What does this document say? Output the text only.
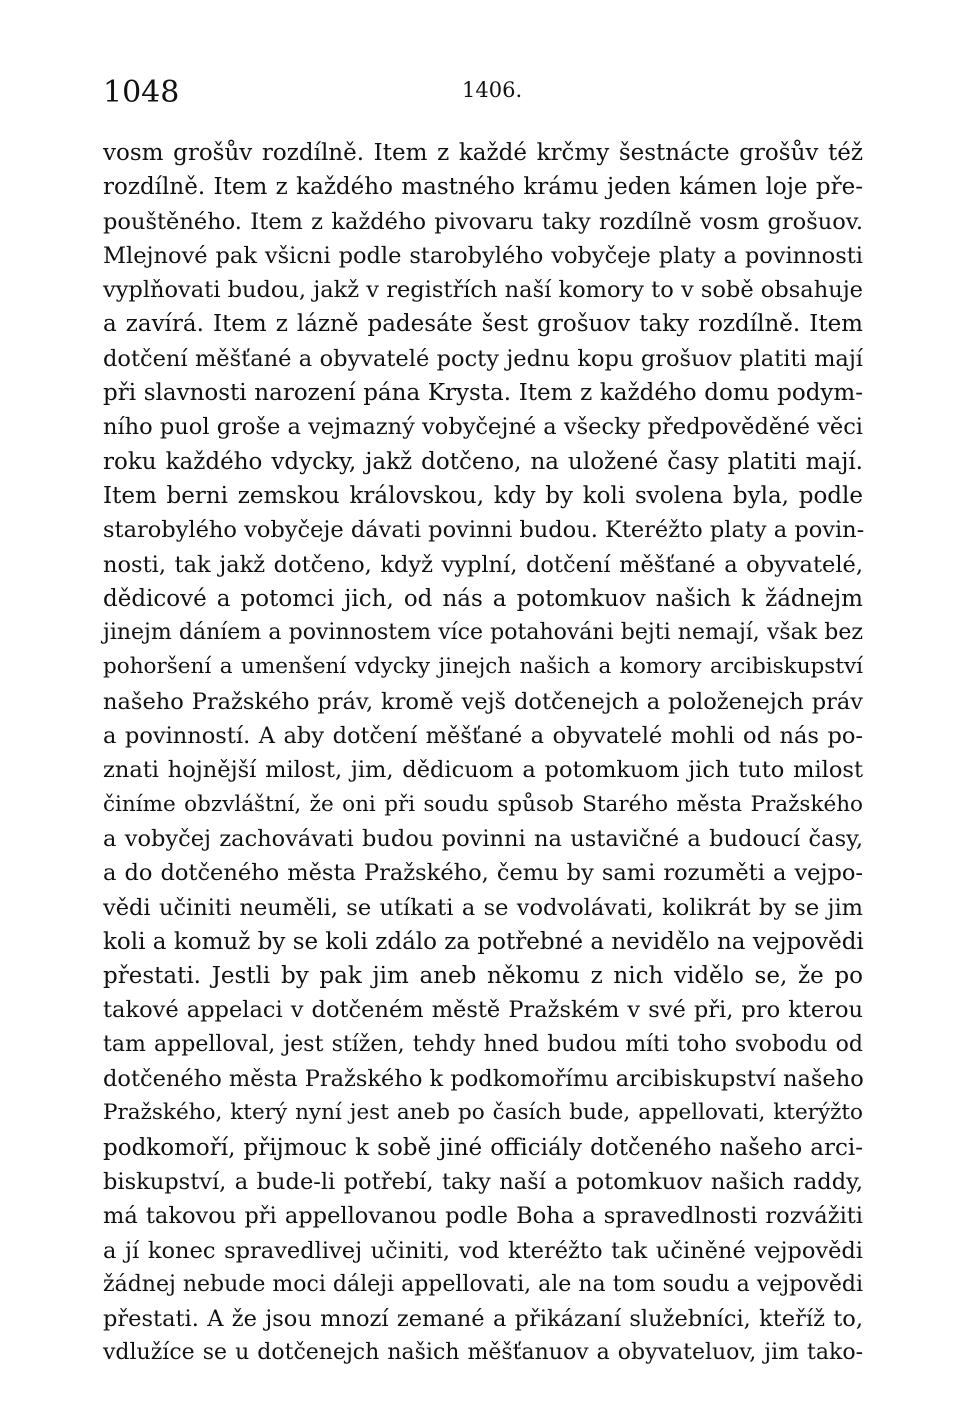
1048	1406.
vosm grošův rozdílně. Item z každé krčmy šestnácte grošův též
rozdílně. Item z každého mastného krámu jeden kámen loje pře-
pouštěného. Item z každého pivovaru taky rozdílně vosm grošuov.
Mlejnové pak všicni podle starobylého vobyčeje platy a povinnosti
vyplňovati budou, jakž v registřích naší komory to v sobě obsahuje
a zavírá. Item z lázně padesáte šest grošuov taky rozdílně. Item
dotčení měšťané a obyvatelé pocty jednu kopu grošuov platiti mají
při slavnosti narození pána Krysta. Item z každého domu podym-
ního puol groše a vejmazný vobyčejné a všecky předpověděné věci
roku každého vdycky, jakž dotčeno, na uložené časy platiti mají.
Item berni zemskou královskou, kdy by koli svolena byla, podle
starobylého vobyčeje dávati povinni budou. Kteréžto platy a povin-
nosti, tak jakž dotčeno, když vyplní, dotčení měšťané a obyvatelé,
dědicové a potomci jich, od nás a potomkuov našich k žádnejm
jinejm dáníem a povinnostem více potahováni bejti nemají, však bez
pohoršení a umenšení vdycky jinejch našich a komory arcibiskupství
našeho Pražského práv, kromě vejš dotčenejch a položenejch práv
a povinností. A aby dotčení měšťané a obyvatelé mohli od nás po-
znati hojnější milost, jim, dědicuom a potomkuom jich tuto milost
činíme obzvláštní, že oni při soudu spůsob Starého města Pražského
a vobyčej zachovávati budou povinni na ustavičné a budoucí časy,
a do dotčeného města Pražského, čemu by sami rozuměti a vejpo-
vědi učiniti neuměli, se utíkati a se vodvolávati, kolikrát by se jim
koli a komuž by se koli zdálo za potřebné a nevidělo na vejpovědi
přestati. Jestli by pak jim aneb někomu z nich vidělo se, že po
takové appelaci v dotčeném městě Pražském v své při, pro kterou
tam appelloval, jest stížen, tehdy hned budou míti toho svobodu od
dotčeného města Pražského k podkomořímu arcibiskupství našeho
Pražského, který nyní jest aneb po časích bude, appellovati, kterýžto
podkomoří, přijmouc k sobě jiné officiály dotčeného našeho arci-
biskupství, a bude-li potřebí, taky naší a potomkuov našich raddy,
má takovou při appellovanou podle Boha a spravedlnosti rozvážiti
a jí konec spravedlivej učiniti, vod kteréžto tak učiněné vejpovědi
žádnej nebude moci dáleji appellovati, ale na tom soudu a vejpovědi
přestati. A že jsou mnozí zemané a přikázaní služebníci, kteříž to,
vdlužíce se u dotčenejch našich měšťanuov a obyvateluov, jim tako-
